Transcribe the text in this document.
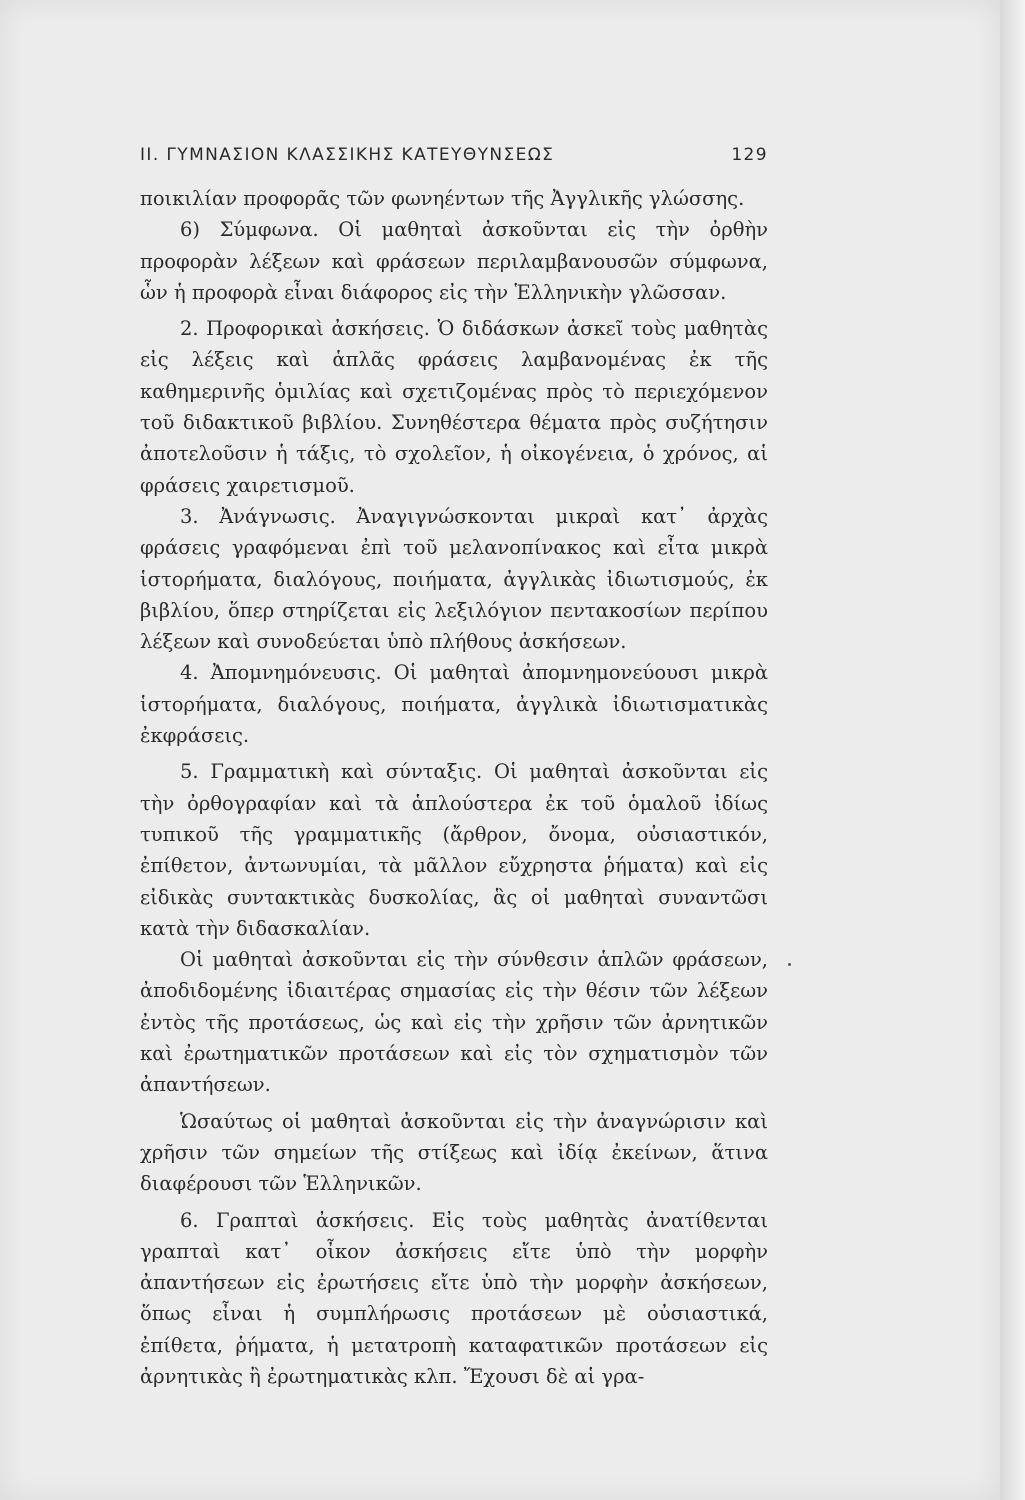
ΙΙ. ΓΥΜΝΑΣΙΟΝ ΚΛΑΣΣΙΚΗΣ ΚΑΤΕΥΘΥΝΣΕΩΣ	129

ποικιλίαν προφορᾶς τῶν φωνηέντων τῆς Ἀγγλικῆς γλώσσης.

6) Σύμφωνα. Οἱ μαθηταὶ ἀσκοῦνται εἰς τὴν ὀρθὴν προφορὰν λέξεων καὶ φράσεων περιλαμβανουσῶν σύμφωνα, ὧν ἡ προφορὰ εἶναι διάφορος εἰς τὴν Ἑλληνικὴν γλῶσσαν.

2. Προφορικαὶ ἀσκήσεις. Ὁ διδάσκων ἀσκεῖ τοὺς μαθητὰς εἰς λέξεις καὶ ἁπλᾶς φράσεις λαμβανομένας ἐκ τῆς καθημερινῆς ὁμιλίας καὶ σχετιζομένας πρὸς τὸ περιεχόμενον τοῦ διδακτικοῦ βιβλίου. Συνηθέστερα θέματα πρὸς συζήτησιν ἀποτελοῦσιν ἡ τάξις, τὸ σχολεῖον, ἡ οἰκογένεια, ὁ χρόνος, αἱ φράσεις χαιρετισμοῦ.

3. Ἀνάγνωσις. Ἀναγιγνώσκονται μικραὶ κατ᾽ ἀρχὰς φράσεις γραφόμεναι ἐπὶ τοῦ μελανοπίνακος καὶ εἶτα μικρὰ ἱστορήματα, διαλόγους, ποιήματα, ἀγγλικὰς ἰδιωτισμούς, ἐκ βιβλίου, ὅπερ στηρίζεται εἰς λεξιλόγιον πεντακοσίων περίπου λέξεων καὶ συνοδεύεται ὑπὸ πλήθους ἀσκήσεων.

4. Ἀπομνημόνευσις. Οἱ μαθηταὶ ἀπομνημονεύουσι μικρὰ ἱστορήματα, διαλόγους, ποιήματα, ἀγγλικὰ ἰδιωτισματικὰς ἐκφράσεις.

5. Γραμματικὴ καὶ σύνταξις. Οἱ μαθηταὶ ἀσκοῦνται εἰς τὴν ὀρθογραφίαν καὶ τὰ ἁπλούστερα ἐκ τοῦ ὁμαλοῦ ἰδίως τυπικοῦ τῆς γραμματικῆς (ἄρθρον, ὄνομα, οὐσιαστικόν, ἐπίθετον, ἀντωνυμίαι, τὰ μᾶλλον εὔχρηστα ῥήματα) καὶ εἰς εἰδικὰς συντακτικὰς δυσκολίας, ἃς οἱ μαθηταὶ συναντῶσι κατὰ τὴν διδασκαλίαν.

Οἱ μαθηταὶ ἀσκοῦνται εἰς τὴν σύνθεσιν ἁπλῶν φράσεων, ἀποδιδομένης ἰδιαιτέρας σημασίας εἰς τὴν θέσιν τῶν λέξεων ἐντὸς τῆς προτάσεως, ὡς καὶ εἰς τὴν χρῆσιν τῶν ἀρνητικῶν καὶ ἐρωτηματικῶν προτάσεων καὶ εἰς τὸν σχηματισμὸν τῶν ἀπαντήσεων.

Ὡσαύτως οἱ μαθηταὶ ἀσκοῦνται εἰς τὴν ἀναγνώρισιν καὶ χρῆσιν τῶν σημείων τῆς στίξεως καὶ ἰδίᾳ ἐκείνων, ἅτινα διαφέρουσι τῶν Ἑλληνικῶν.

6. Γραπταὶ ἀσκήσεις. Εἰς τοὺς μαθητὰς ἀνατίθενται γραπταὶ κατ᾽ οἶκον ἀσκήσεις εἴτε ὑπὸ τὴν μορφὴν ἀπαντήσεων εἰς ἐρωτήσεις εἴτε ὑπὸ τὴν μορφὴν ἀσκήσεων, ὅπως εἶναι ἡ συμπλήρωσις προτάσεων μὲ οὐσιαστικά, ἐπίθετα, ῥήματα, ἡ μετατροπὴ καταφατικῶν προτάσεων εἰς ἀρνητικὰς ἢ ἐρωτηματικὰς κλπ. Ἔχουσι δὲ αἱ γρα-
